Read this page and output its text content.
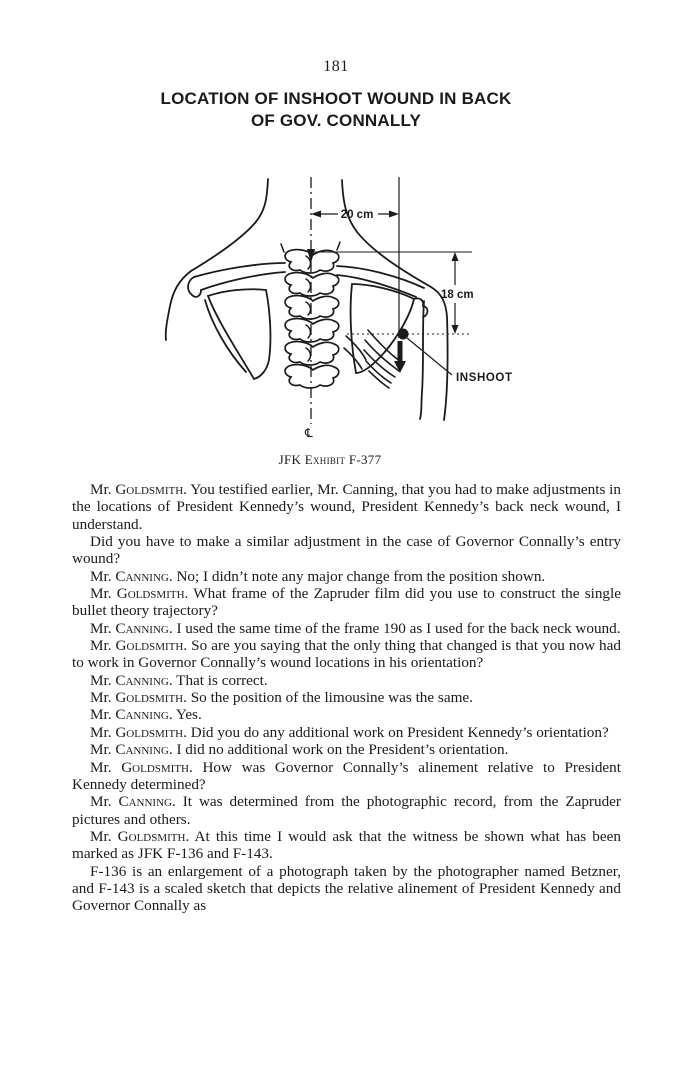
181
LOCATION OF INSHOOT WOUND IN BACK
OF GOV. CONNALLY
20 cm
18 cm
INSHOOT
℄
JFK Exhibit F-377

Mr. Goldsmith. You testified earlier, Mr. Canning, that you had to make adjustments in the locations of President Kennedy’s wound, President Kennedy’s back neck wound, I understand.

Did you have to make a similar adjustment in the case of Governor Connally’s entry wound?

Mr. Canning. No; I didn’t note any major change from the position shown.

Mr. Goldsmith. What frame of the Zapruder film did you use to construct the single bullet theory trajectory?

Mr. Canning. I used the same time of the frame 190 as I used for the back neck wound.

Mr. Goldsmith. So are you saying that the only thing that changed is that you now had to work in Governor Connally’s wound locations in his orientation?

Mr. Canning. That is correct.

Mr. Goldsmith. So the position of the limousine was the same.

Mr. Canning. Yes.

Mr. Goldsmith. Did you do any additional work on President Kennedy’s orientation?

Mr. Canning. I did no additional work on the President’s orientation.

Mr. Goldsmith. How was Governor Connally’s alinement relative to President Kennedy determined?

Mr. Canning. It was determined from the photographic record, from the Zapruder pictures and others.

Mr. Goldsmith. At this time I would ask that the witness be shown what has been marked as JFK F-136 and F-143.

F-136 is an enlargement of a photograph taken by the photographer named Betzner, and F-143 is a scaled sketch that depicts the relative alinement of President Kennedy and Governor Connally as
